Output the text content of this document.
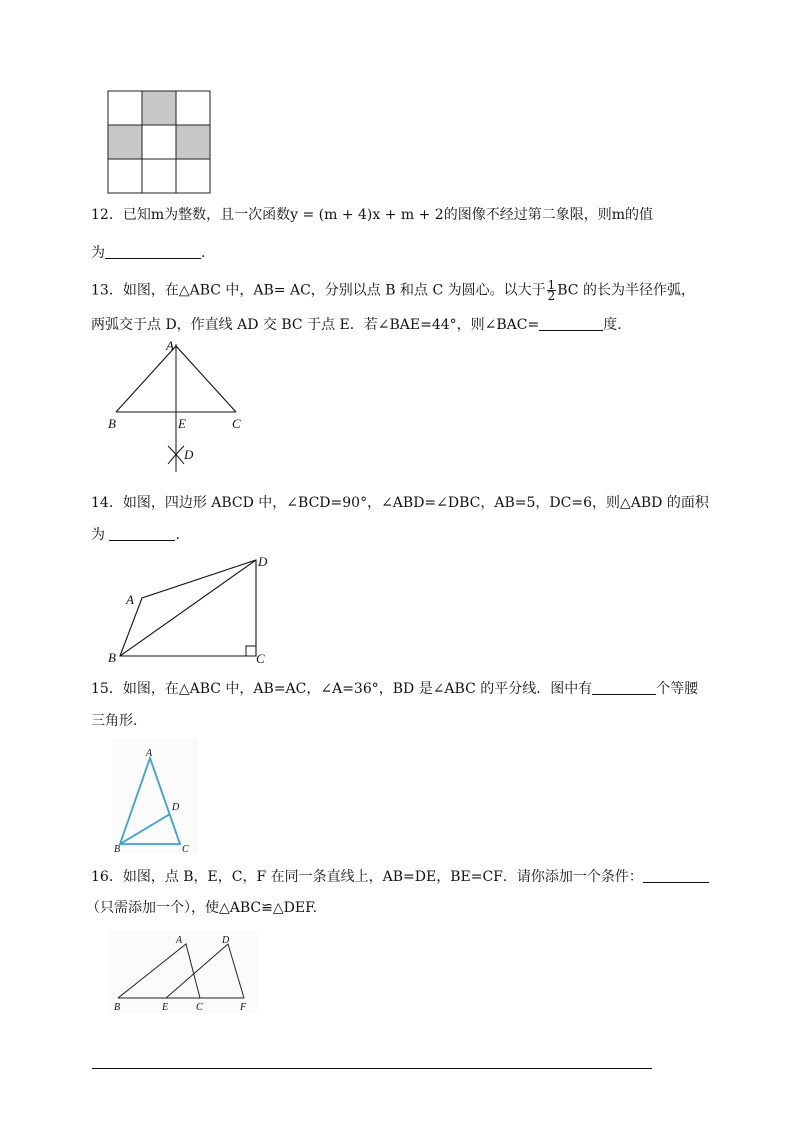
12．已知m为整数，且一次函数y = (m + 4)x + m + 2的图像不经过第二象限，则m的值
为	.
13．如图，在△ABC 中，AB= AC，分别以点 B 和点 C 为圆心。以大于 $\frac{1}{2}$ BC 的长为半径作弧，
两弧交于点 D，作直线 AD 交 BC 于点 E．若∠BAE=44°，则∠BAC=	度.
A
B	E	C
D
14．如图，四边形 ABCD 中，∠BCD=90°，∠ABD=∠DBC，AB=5，DC=6，则△ABD 的面积
为	.
A
B	C
D
15．如图，在△ABC 中，AB=AC，∠A=36°，BD 是∠ABC 的平分线．图中有	个等腰
三角形.
A
B	C
D
16．如图，点 B，E，C，F 在同一条直线上，AB=DE，BE=CF．请你添加一个条件：
（只需添加一个），使△ABC≌△DEF.
A	D
B	E	C	F
